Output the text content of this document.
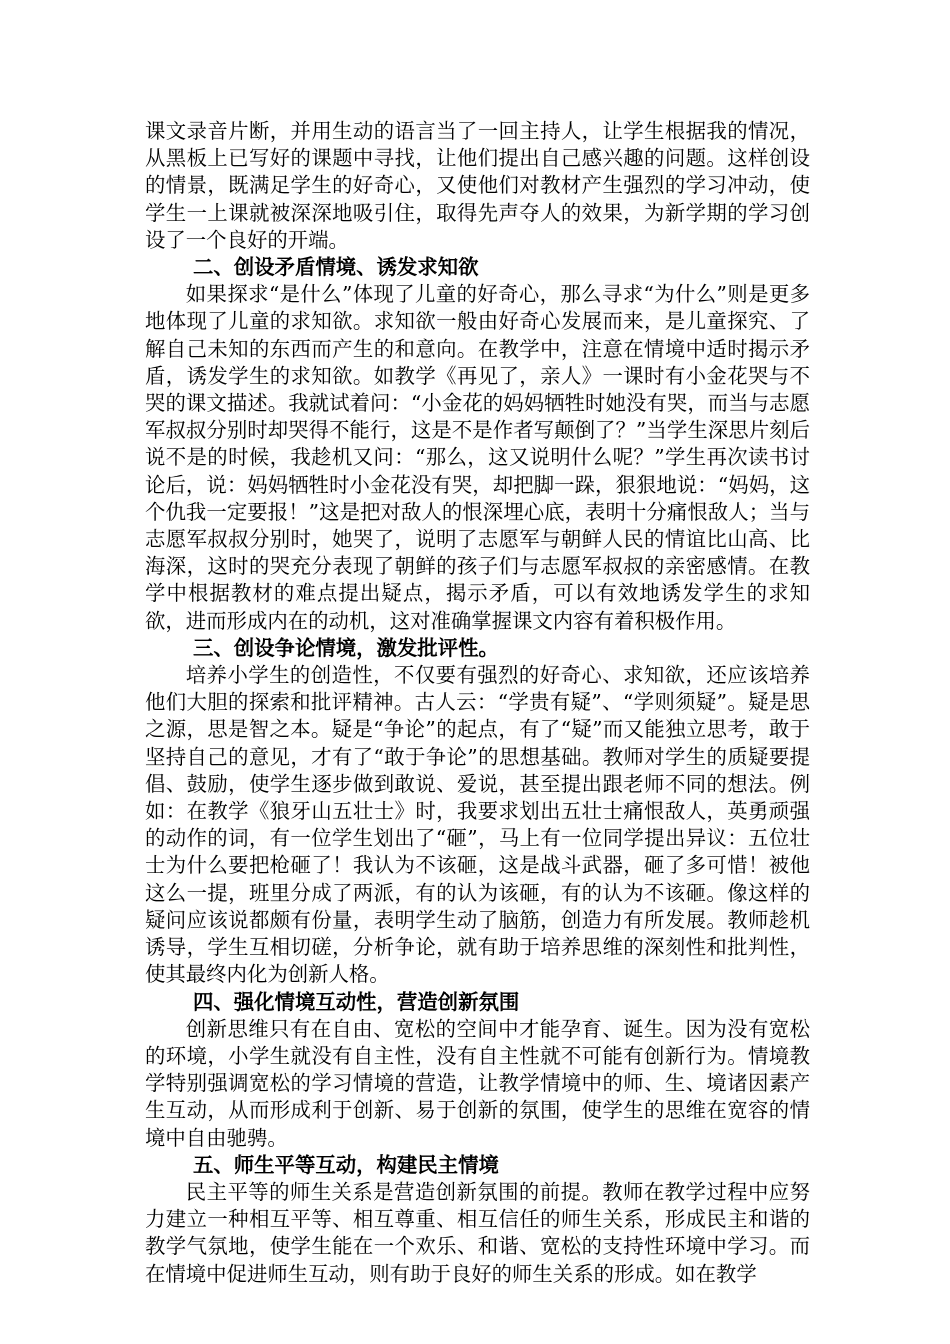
课文录音片断，并用生动的语言当了一回主持人，让学生根据我的情况，从黑板上已写好的课题中寻找，让他们提出自己感兴趣的问题。这样创设的情景，既满足学生的好奇心，又使他们对教材产生强烈的学习冲动，使学生一上课就被深深地吸引住，取得先声夺人的效果，为新学期的学习创设了一个良好的开端。

二、创设矛盾情境、诱发求知欲

如果探求“是什么”体现了儿童的好奇心，那么寻求“为什么”则是更多地体现了儿童的求知欲。求知欲一般由好奇心发展而来，是儿童探究、了解自己未知的东西而产生的和意向。在教学中，注意在情境中适时揭示矛盾，诱发学生的求知欲。如教学《再见了，亲人》一课时有小金花哭与不哭的课文描述。我就试着问：“小金花的妈妈牺牲时她没有哭，而当与志愿军叔叔分别时却哭得不能行，这是不是作者写颠倒了？”当学生深思片刻后说不是的时候，我趁机又问：“那么，这又说明什么呢？”学生再次读书讨论后，说：妈妈牺牲时小金花没有哭，却把脚一跺，狠狠地说：“妈妈，这个仇我一定要报！”这是把对敌人的恨深埋心底，表明十分痛恨敌人；当与志愿军叔叔分别时，她哭了，说明了志愿军与朝鲜人民的情谊比山高、比海深，这时的哭充分表现了朝鲜的孩子们与志愿军叔叔的亲密感情。在教学中根据教材的难点提出疑点，揭示矛盾，可以有效地诱发学生的求知欲，进而形成内在的动机，这对准确掌握课文内容有着积极作用。

三、创设争论情境，激发批评性。

培养小学生的创造性，不仅要有强烈的好奇心、求知欲，还应该培养他们大胆的探索和批评精神。古人云：“学贵有疑”、“学则须疑”。疑是思之源，思是智之本。疑是“争论”的起点，有了“疑”而又能独立思考，敢于坚持自己的意见，才有了“敢于争论”的思想基础。教师对学生的质疑要提倡、鼓励，使学生逐步做到敢说、爱说，甚至提出跟老师不同的想法。例如：在教学《狼牙山五壮士》时，我要求划出五壮士痛恨敌人，英勇顽强的动作的词，有一位学生划出了“砸”，马上有一位同学提出异议：五位壮士为什么要把枪砸了！我认为不该砸，这是战斗武器，砸了多可惜！被他这么一提，班里分成了两派，有的认为该砸，有的认为不该砸。像这样的疑问应该说都颇有份量，表明学生动了脑筋，创造力有所发展。教师趁机诱导，学生互相切磋，分析争论，就有助于培养思维的深刻性和批判性，使其最终内化为创新人格。

四、强化情境互动性，营造创新氛围

创新思维只有在自由、宽松的空间中才能孕育、诞生。因为没有宽松的环境，小学生就没有自主性，没有自主性就不可能有创新行为。情境教学特别强调宽松的学习情境的营造，让教学情境中的师、生、境诸因素产生互动，从而形成利于创新、易于创新的氛围，使学生的思维在宽容的情境中自由驰骋。

五、师生平等互动，构建民主情境

民主平等的师生关系是营造创新氛围的前提。教师在教学过程中应努力建立一种相互平等、相互尊重、相互信任的师生关系，形成民主和谐的教学气氛地，使学生能在一个欢乐、和谐、宽松的支持性环境中学习。而在情境中促进师生互动，则有助于良好的师生关系的形成。如在教学
